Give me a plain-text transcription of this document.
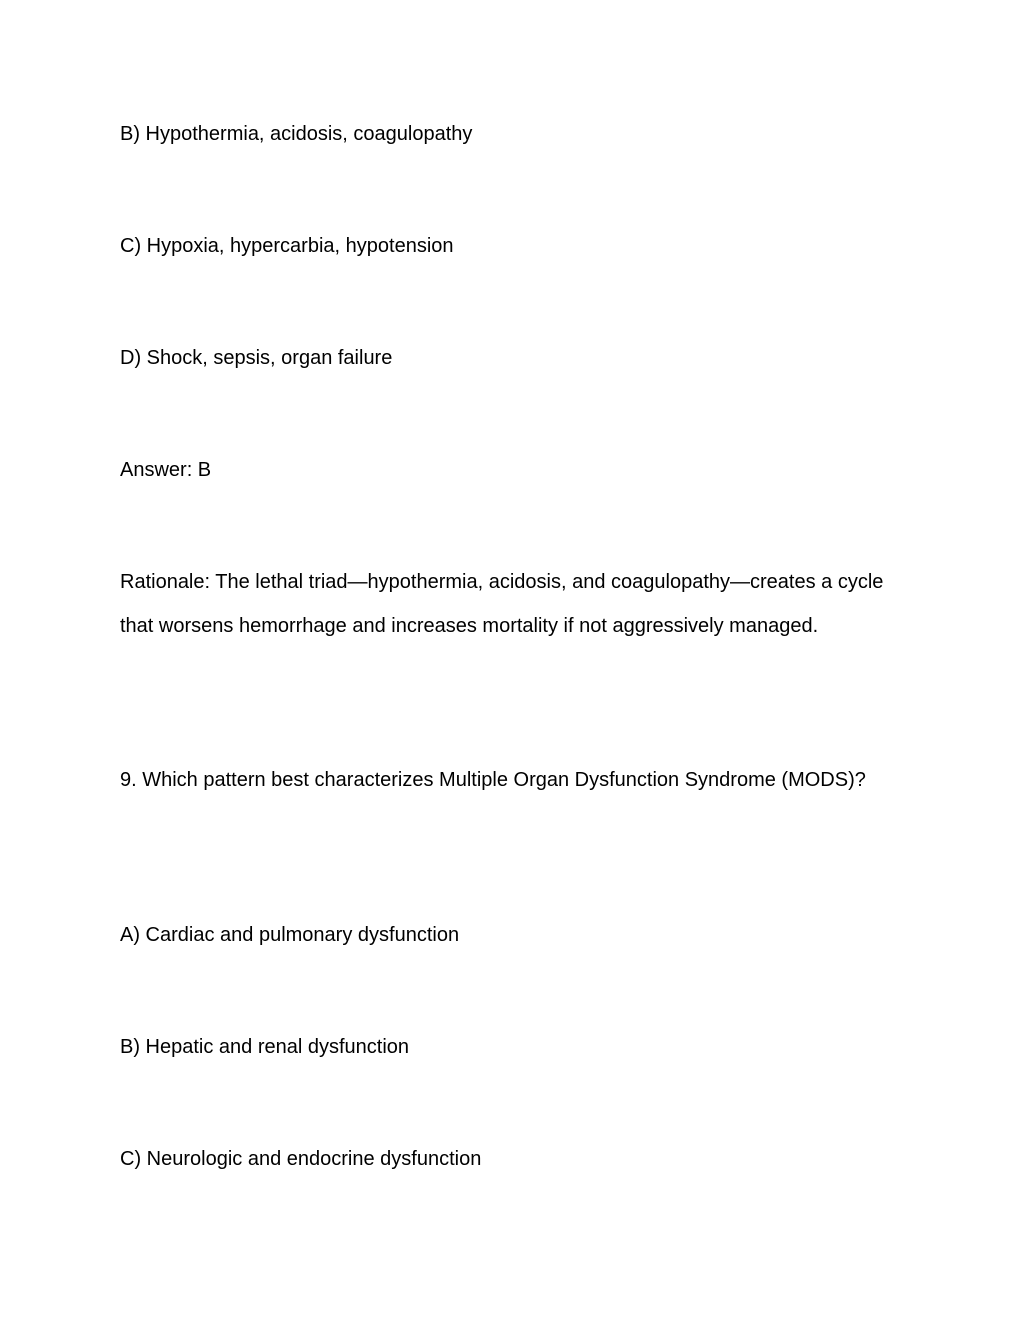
B) Hypothermia, acidosis, coagulopathy
C) Hypoxia, hypercarbia, hypotension
D) Shock, sepsis, organ failure
Answer: B
Rationale: The lethal triad—hypothermia, acidosis, and coagulopathy—creates a cycle that worsens hemorrhage and increases mortality if not aggressively managed.
9. Which pattern best characterizes Multiple Organ Dysfunction Syndrome (MODS)?
A) Cardiac and pulmonary dysfunction
B) Hepatic and renal dysfunction
C) Neurologic and endocrine dysfunction
